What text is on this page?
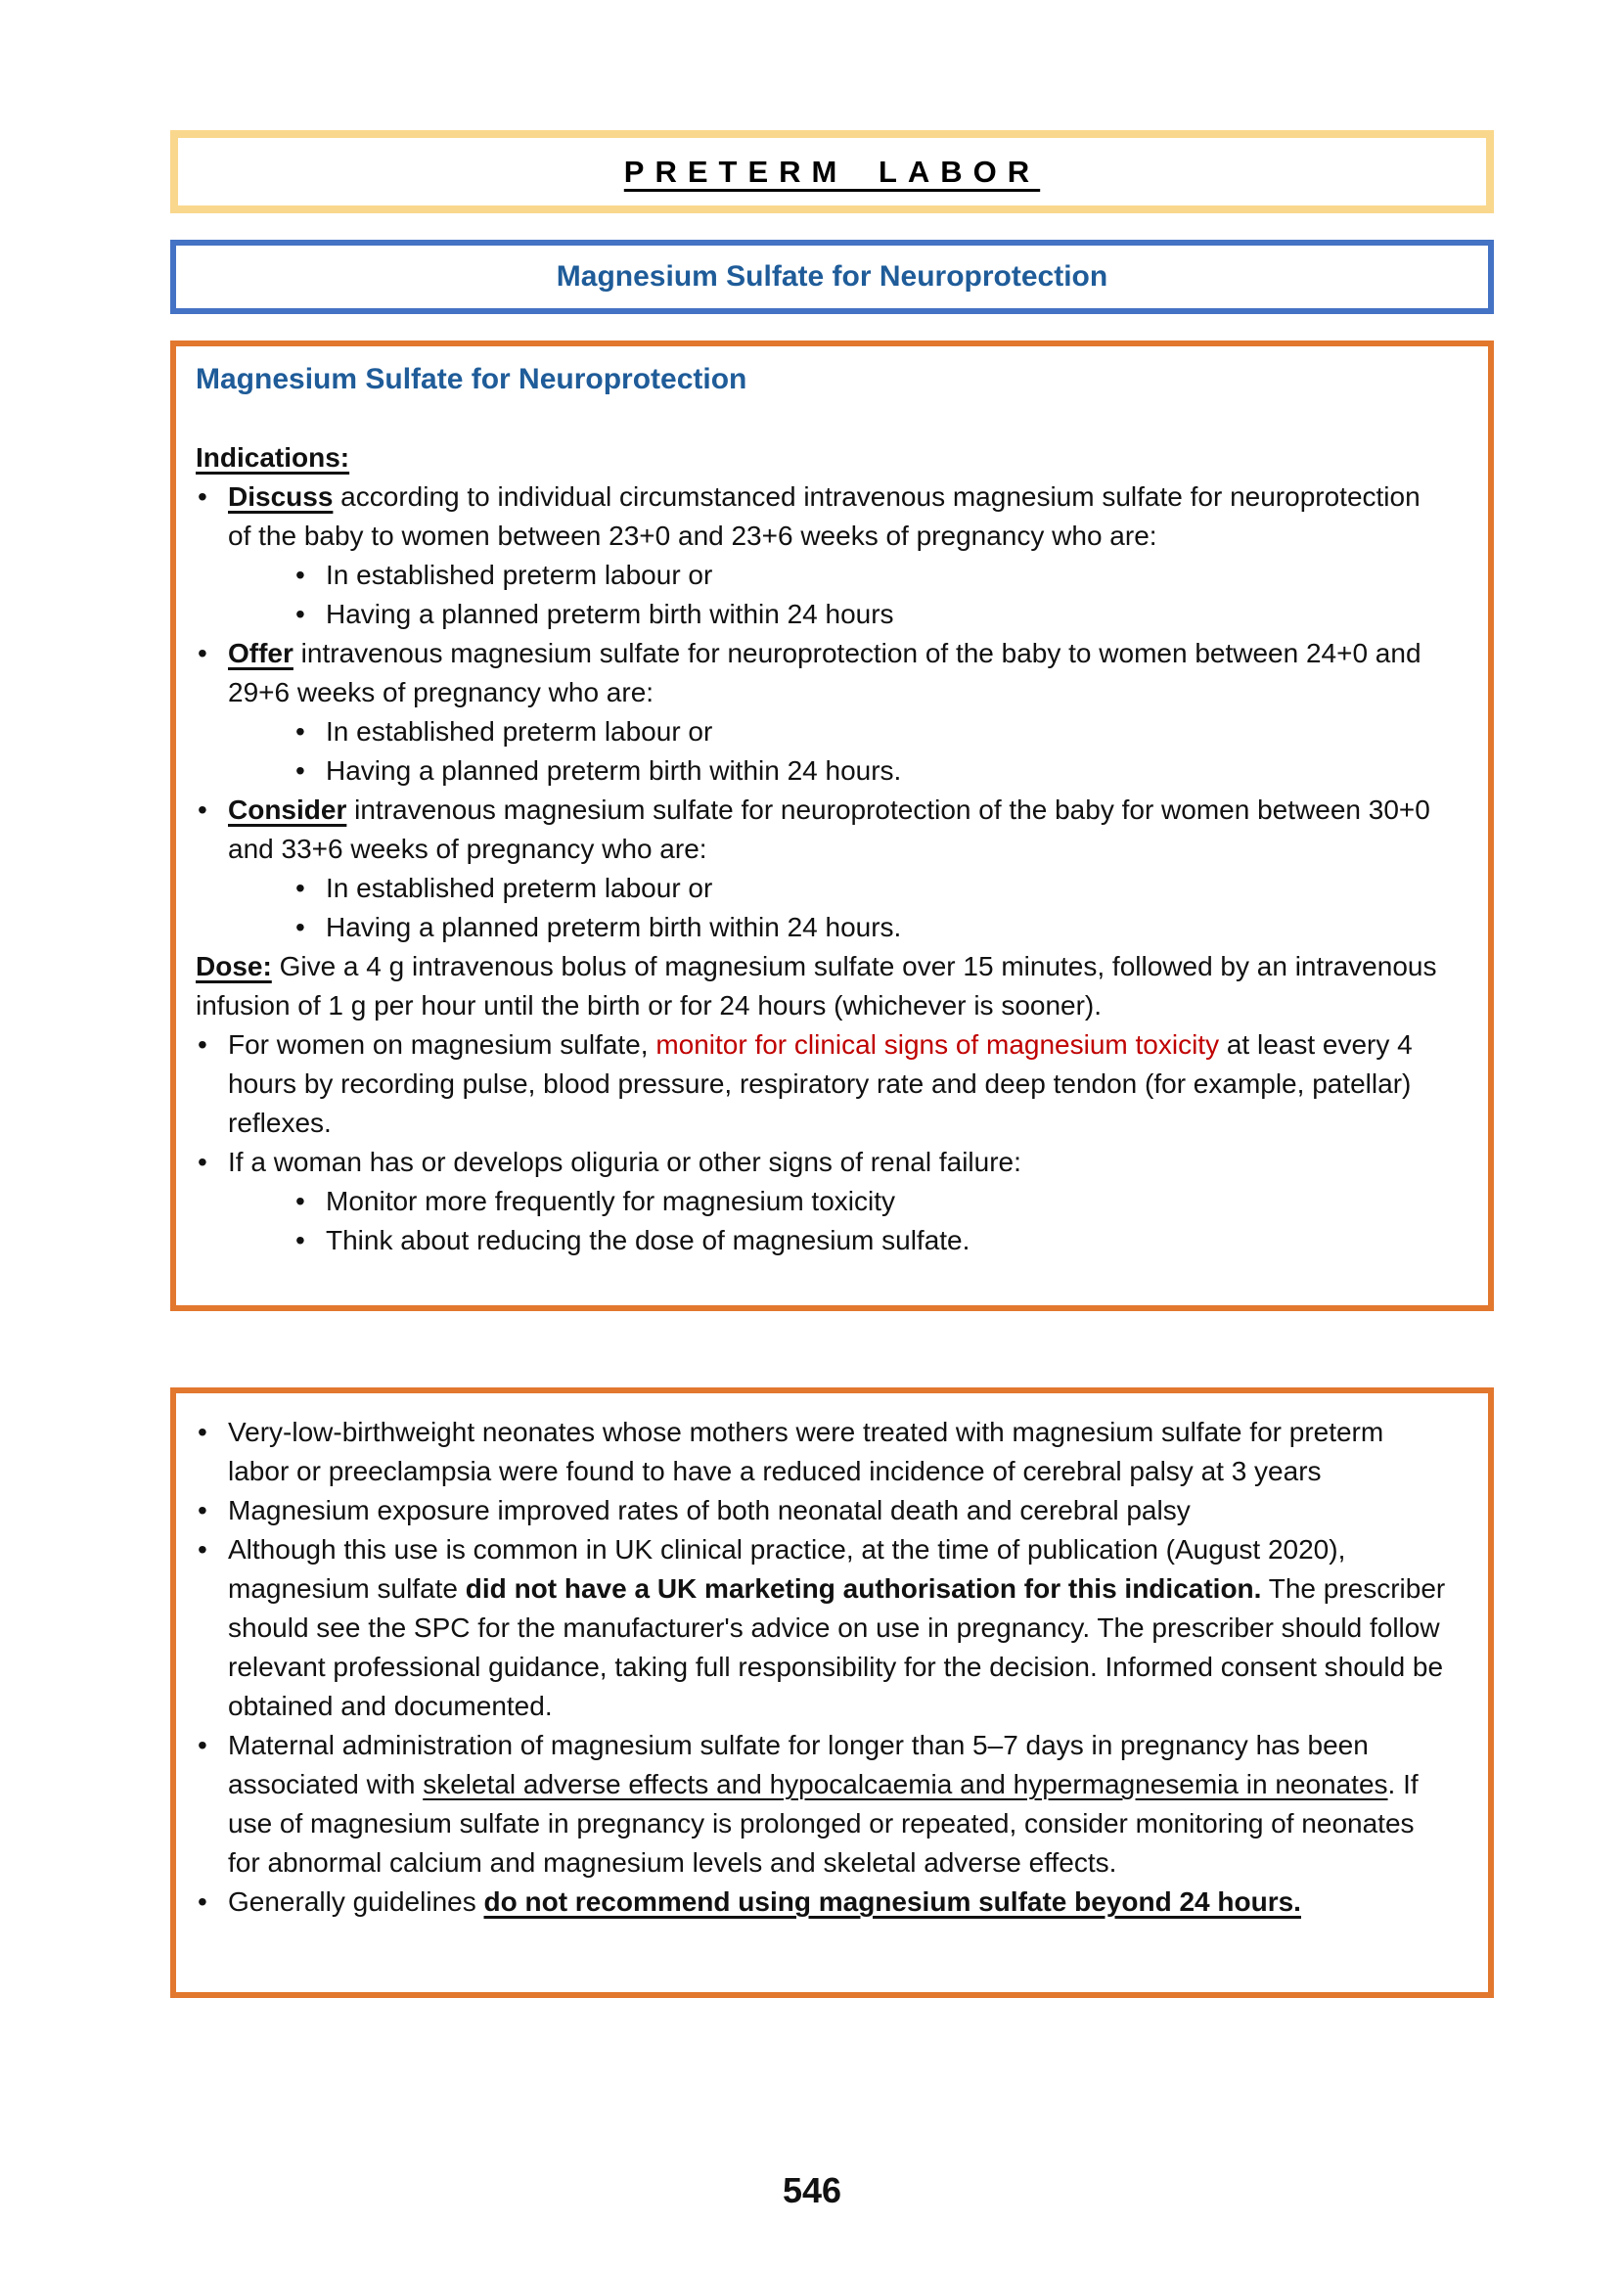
PRETERM LABOR
Magnesium Sulfate for Neuroprotection
Magnesium Sulfate for Neuroprotection
Indications:
• Discuss according to individual circumstanced intravenous magnesium sulfate for neuroprotection of the baby to women between 23+0 and 23+6 weeks of pregnancy who are:
• In established preterm labour or
• Having a planned preterm birth within 24 hours
• Offer intravenous magnesium sulfate for neuroprotection of the baby to women between 24+0 and 29+6 weeks of pregnancy who are:
• In established preterm labour or
• Having a planned preterm birth within 24 hours.
• Consider intravenous magnesium sulfate for neuroprotection of the baby for women between 30+0 and 33+6 weeks of pregnancy who are:
• In established preterm labour or
• Having a planned preterm birth within 24 hours.
Dose: Give a 4 g intravenous bolus of magnesium sulfate over 15 minutes, followed by an intravenous infusion of 1 g per hour until the birth or for 24 hours (whichever is sooner).
• For women on magnesium sulfate, monitor for clinical signs of magnesium toxicity at least every 4 hours by recording pulse, blood pressure, respiratory rate and deep tendon (for example, patellar) reflexes.
• If a woman has or develops oliguria or other signs of renal failure:
• Monitor more frequently for magnesium toxicity
• Think about reducing the dose of magnesium sulfate.
• Very-low-birthweight neonates whose mothers were treated with magnesium sulfate for preterm labor or preeclampsia were found to have a reduced incidence of cerebral palsy at 3 years
• Magnesium exposure improved rates of both neonatal death and cerebral palsy
• Although this use is common in UK clinical practice, at the time of publication (August 2020), magnesium sulfate did not have a UK marketing authorisation for this indication. The prescriber should see the SPC for the manufacturer's advice on use in pregnancy. The prescriber should follow relevant professional guidance, taking full responsibility for the decision. Informed consent should be obtained and documented.
• Maternal administration of magnesium sulfate for longer than 5–7 days in pregnancy has been associated with skeletal adverse effects and hypocalcaemia and hypermagnesemia in neonates. If use of magnesium sulfate in pregnancy is prolonged or repeated, consider monitoring of neonates for abnormal calcium and magnesium levels and skeletal adverse effects.
• Generally guidelines do not recommend using magnesium sulfate beyond 24 hours.
546
